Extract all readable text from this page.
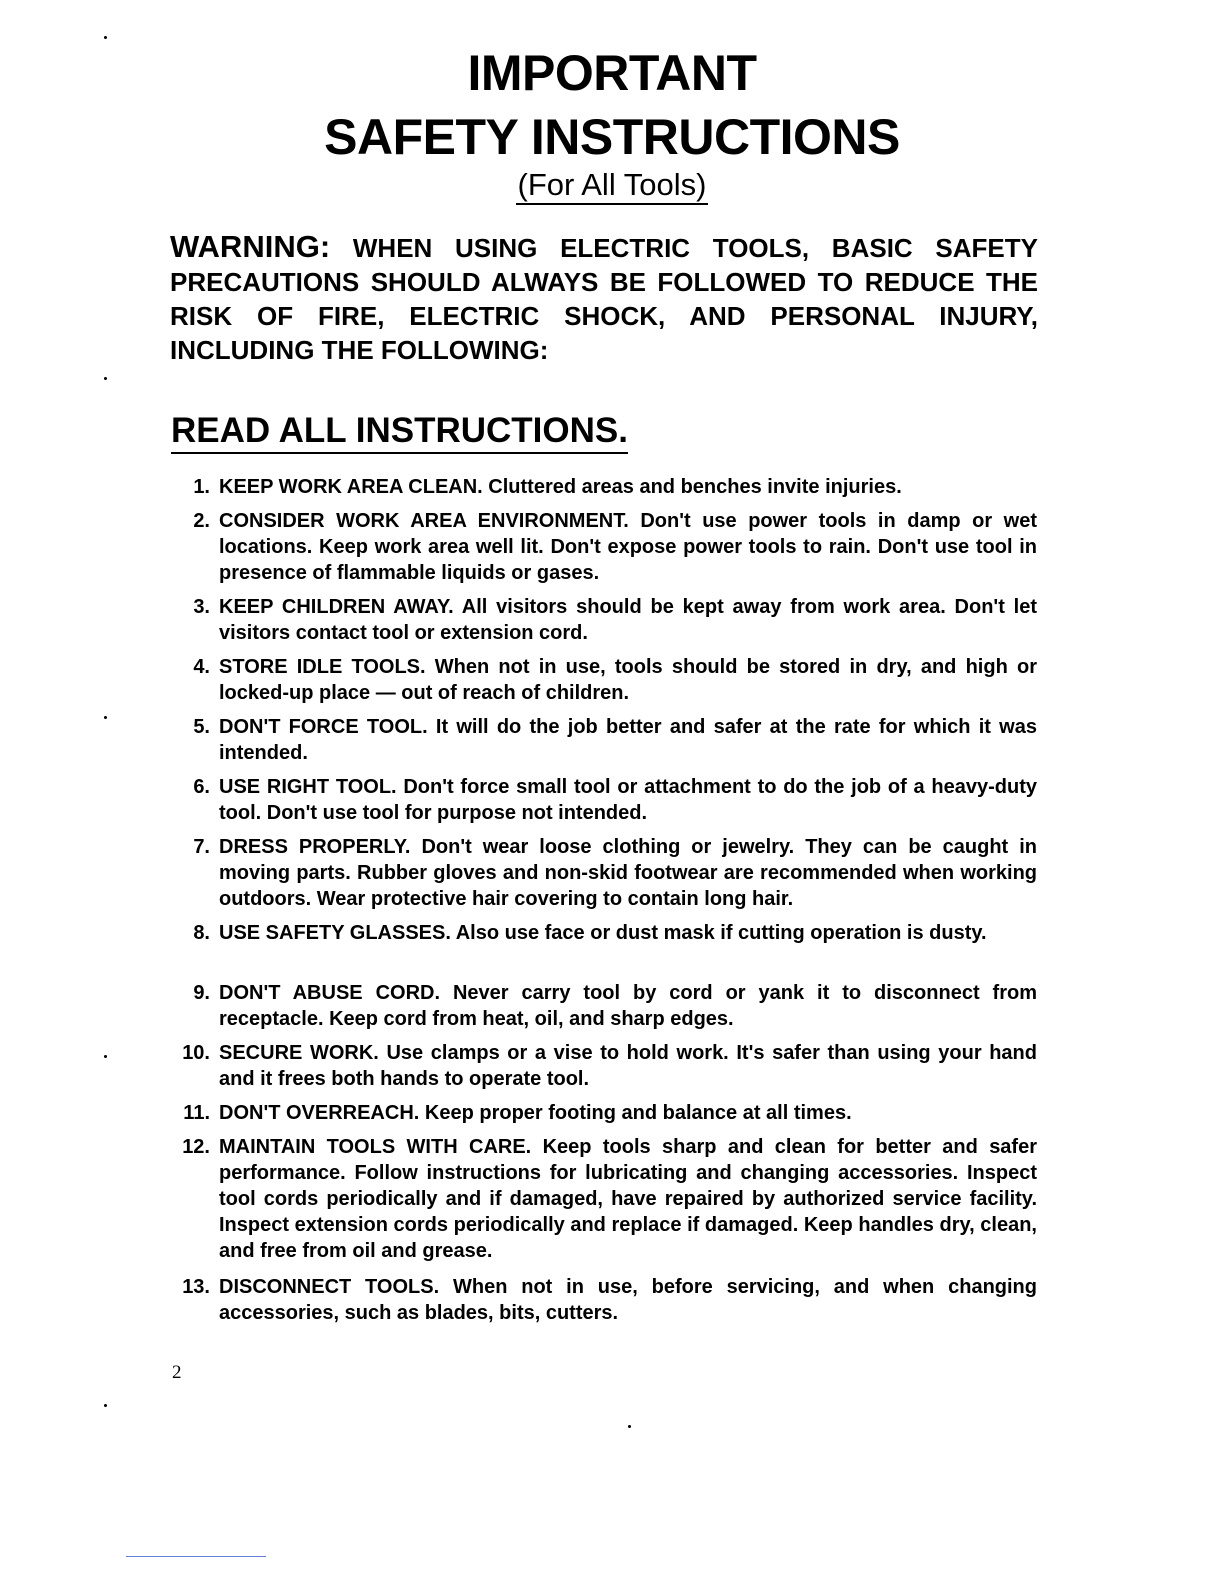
IMPORTANT
SAFETY INSTRUCTIONS
(For All Tools)
WARNING: WHEN USING ELECTRIC TOOLS, BASIC SAFETY PRECAUTIONS SHOULD ALWAYS BE FOLLOWED TO REDUCE THE RISK OF FIRE, ELECTRIC SHOCK, AND PERSONAL INJURY, INCLUDING THE FOLLOWING:
READ ALL INSTRUCTIONS.
1. KEEP WORK AREA CLEAN. Cluttered areas and benches invite injuries.
2. CONSIDER WORK AREA ENVIRONMENT. Don't use power tools in damp or wet locations. Keep work area well lit. Don't expose power tools to rain. Don't use tool in presence of flammable liquids or gases.
3. KEEP CHILDREN AWAY. All visitors should be kept away from work area. Don't let visitors contact tool or extension cord.
4. STORE IDLE TOOLS. When not in use, tools should be stored in dry, and high or locked-up place — out of reach of children.
5. DON'T FORCE TOOL. It will do the job better and safer at the rate for which it was intended.
6. USE RIGHT TOOL. Don't force small tool or attachment to do the job of a heavy-duty tool. Don't use tool for purpose not intended.
7. DRESS PROPERLY. Don't wear loose clothing or jewelry. They can be caught in moving parts. Rubber gloves and non-skid footwear are recommended when working outdoors. Wear protective hair covering to contain long hair.
8. USE SAFETY GLASSES. Also use face or dust mask if cutting operation is dusty.
9. DON'T ABUSE CORD. Never carry tool by cord or yank it to disconnect from receptacle. Keep cord from heat, oil, and sharp edges.
10. SECURE WORK. Use clamps or a vise to hold work. It's safer than using your hand and it frees both hands to operate tool.
11. DON'T OVERREACH. Keep proper footing and balance at all times.
12. MAINTAIN TOOLS WITH CARE. Keep tools sharp and clean for better and safer performance. Follow instructions for lubricating and changing accessories. Inspect tool cords periodically and if damaged, have repaired by authorized service facility. Inspect extension cords periodically and replace if damaged. Keep handles dry, clean, and free from oil and grease.
13. DISCONNECT TOOLS. When not in use, before servicing, and when changing accessories, such as blades, bits, cutters.
2
